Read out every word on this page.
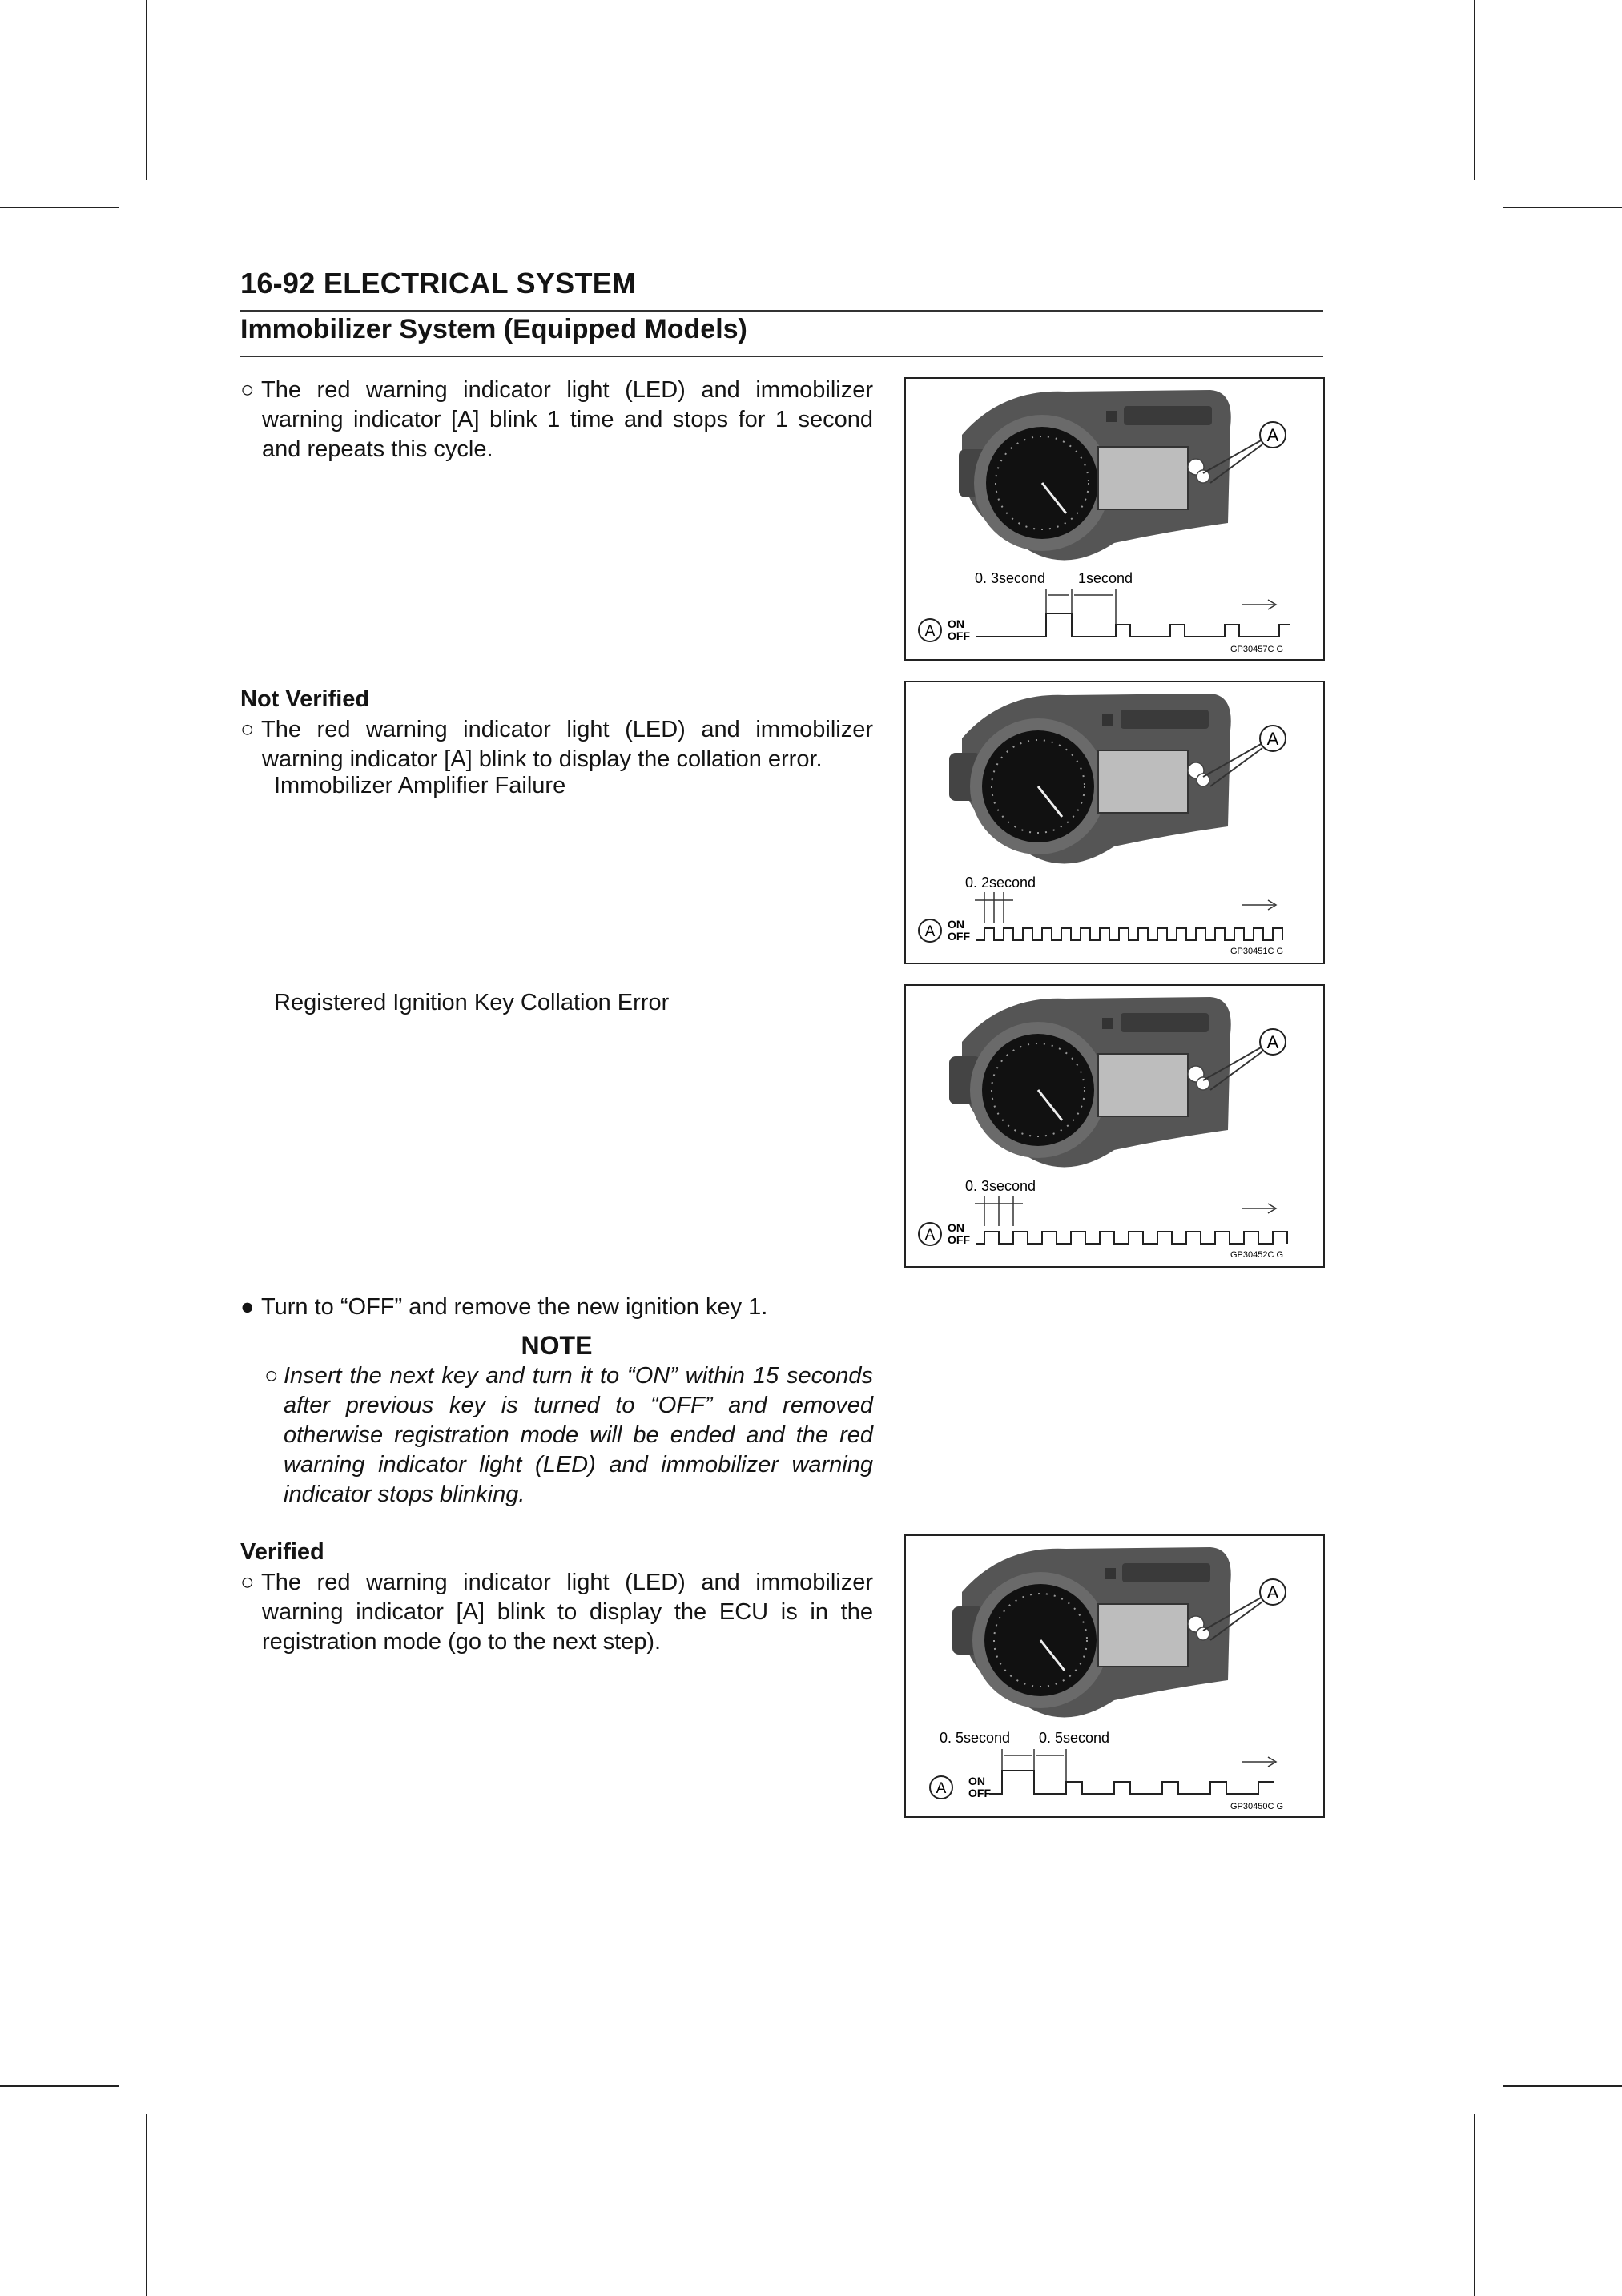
16-92 ELECTRICAL SYSTEM
Immobilizer System (Equipped Models)
○ The red warning indicator light (LED) and immobilizer warning indicator [A] blink 1 time and stops for 1 second and repeats this cycle.
Not Verified
○ The red warning indicator light (LED) and immobilizer warning indicator [A] blink to display the collation error.
Immobilizer Amplifier Failure
Registered Ignition Key Collation Error
● Turn to “OFF” and remove the new ignition key 1.
NOTE
○ Insert the next key and turn it to “ON” within 15 seconds after previous key is turned to “OFF” and removed otherwise registration mode will be ended and the red warning indicator light (LED) and immobilizer warning indicator stops blinking.
Verified
○ The red warning indicator light (LED) and immobilizer warning indicator [A] blink to display the ECU is in the registration mode (go to the next step).
A
0. 3second 1second
A ON
OFF
GP30457C G
A
0. 2second
A ON
OFF
GP30451C G
A
0. 3second
A ON
OFF
GP30452C G
A
0. 5second 0. 5second
A ON
OFF
GP30450C G
